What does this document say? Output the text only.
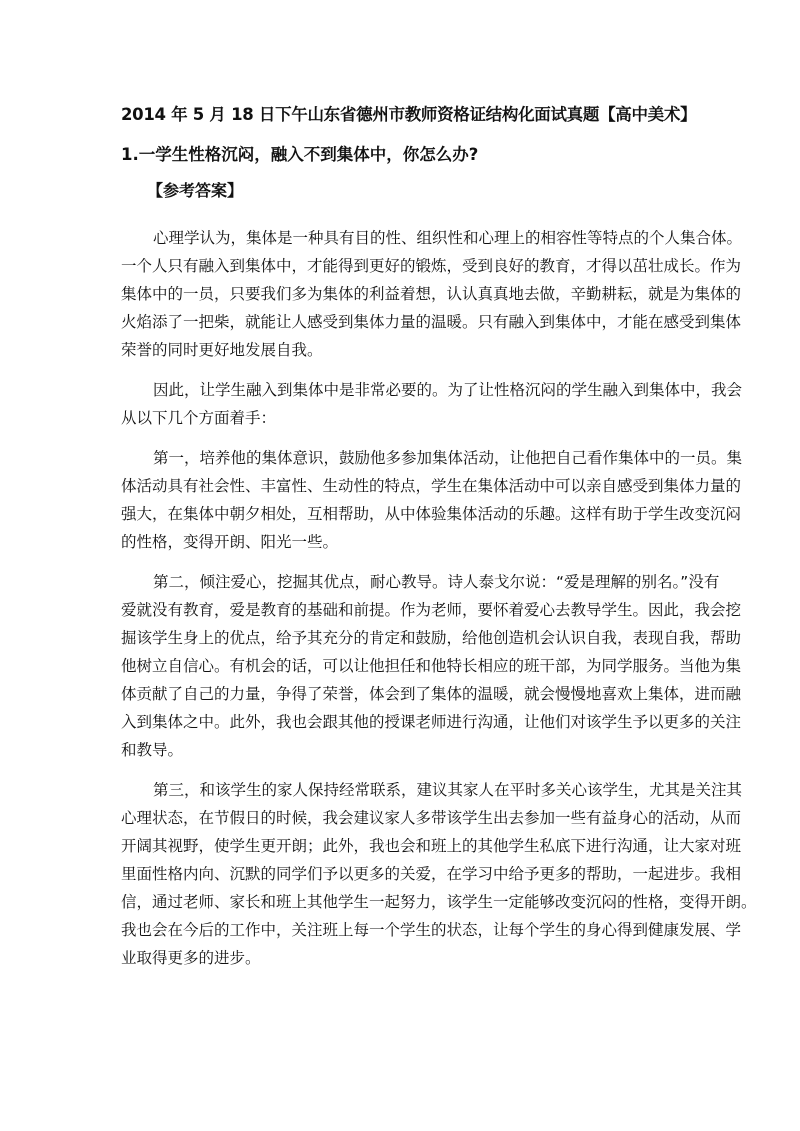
2014 年 5 月 18 日下午山东省德州市教师资格证结构化面试真题【高中美术】
1.一学生性格沉闷，融入不到集体中，你怎么办?
【参考答案】
心理学认为，集体是一种具有目的性、组织性和心理上的相容性等特点的个人集合体。
一个人只有融入到集体中，才能得到更好的锻炼，受到良好的教育，才得以茁壮成长。作为
集体中的一员，只要我们多为集体的利益着想，认认真真地去做，辛勤耕耘，就是为集体的
火焰添了一把柴，就能让人感受到集体力量的温暖。只有融入到集体中，才能在感受到集体
荣誉的同时更好地发展自我。
因此，让学生融入到集体中是非常必要的。为了让性格沉闷的学生融入到集体中，我会
从以下几个方面着手：
第一，培养他的集体意识，鼓励他多参加集体活动，让他把自己看作集体中的一员。集
体活动具有社会性、丰富性、生动性的特点，学生在集体活动中可以亲自感受到集体力量的
强大，在集体中朝夕相处，互相帮助，从中体验集体活动的乐趣。这样有助于学生改变沉闷
的性格，变得开朗、阳光一些。
第二，倾注爱心，挖掘其优点，耐心教导。诗人泰戈尔说：“爱是理解的别名。”没有
爱就没有教育，爱是教育的基础和前提。作为老师，要怀着爱心去教导学生。因此，我会挖
掘该学生身上的优点，给予其充分的肯定和鼓励，给他创造机会认识自我，表现自我，帮助
他树立自信心。有机会的话，可以让他担任和他特长相应的班干部，为同学服务。当他为集
体贡献了自己的力量，争得了荣誉，体会到了集体的温暖，就会慢慢地喜欢上集体，进而融
入到集体之中。此外，我也会跟其他的授课老师进行沟通，让他们对该学生予以更多的关注
和教导。
第三，和该学生的家人保持经常联系，建议其家人在平时多关心该学生，尤其是关注其
心理状态，在节假日的时候，我会建议家人多带该学生出去参加一些有益身心的活动，从而
开阔其视野，使学生更开朗；此外，我也会和班上的其他学生私底下进行沟通，让大家对班
里面性格内向、沉默的同学们予以更多的关爱，在学习中给予更多的帮助，一起进步。我相
信，通过老师、家长和班上其他学生一起努力，该学生一定能够改变沉闷的性格，变得开朗。
我也会在今后的工作中，关注班上每一个学生的状态，让每个学生的身心得到健康发展、学
业取得更多的进步。
